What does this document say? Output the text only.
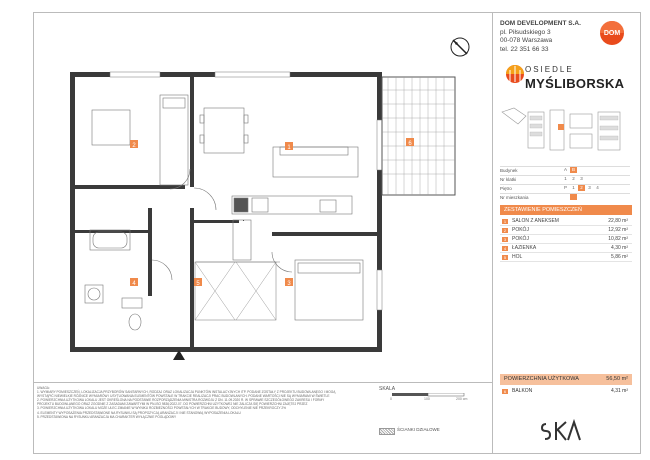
1
2
3
4	5
6
DOM DEVELOPMENT S.A.
pl. Piłsudskiego 3
00-078 Warszawa
tel. 22 351 66 33
DOM
OSIEDLE
MYŚLIBORSKA
Budynek	A	B
Nr klatki	1	2	3
Piętro	P	1	2	3	4
Nr mieszkania
ZESTAWIENIE POMIESZCZEŃ
1	SALON Z ANEKSEM	22,80 m²
2	POKÓJ	12,92 m²
3	POKÓJ	10,82 m²
4	ŁAZIENKA	4,30 m²
5	HOL	5,86 m²
POWIERZCHNIA UŻYTKOWA	56,50 m²
6	BALKON	4,31 m²
UWAGA:
1. WYMIARY POMIESZCZEŃ, LOKALIZACJA PRZYBORÓW SANITARNYCH, RODZAJ ORAZ LOKALIZACJA PUNKTÓW INSTALACYJNYCH ITP. PODANE ZOSTAŁY Z PROJEKTU BUDOWLANEGO I MOGĄ
WYSTĄPIĆ NIEWIELKIE RÓŻNICE WYMIARÓW I USYTUOWANIA ELEMENTÓW POWSTAŁE W TRAKCIE REALIZACJI PRAC BUDOWLANYCH. PODANE WARTOŚCI NIE SĄ WYMIARAMI W ŚWIETLE
2. POWIERZCHNIA UŻYTKOWA LOKALU JEST OKREŚLONA NA PODSTAWIE ROZPORZĄDZENIA MINISTRA ROZWOJU Z DN. 11.09.2020 R. W SPRAWIE SZCZEGÓŁOWEGO ZAKRESU I FORMY
PROJEKTU BUDOWLANEGO ORAZ ZGODNIE Z ZASADAMI ZAWARTYMI W PN-ISO 9836:2022-07. DO POWIERZCHNI UŻYTKOWEJ NIE ZALICZA SIĘ POWIERZCHNI ZAJĘTEJ PRZEZ
3. POWIERZCHNIA UŻYTKOWA LOKALU MOŻE ULEC ZMIANIE W WYNIKU ROZBIEŻNOŚCI POWSTAŁYCH W TRAKCIE BUDOWY, ODCHYLENIE NIE PRZEKROCZY 2%
4. ELEMENTY WYPOSAŻENIA PRZEDSTAWIONE NA RYSUNKU SĄ PROPOZYCJĄ ARANŻACJI I NIE STANOWIĄ WYPOSAŻENIA LOKALU
5. PRZEDSTAWIONA NA RYSUNKU ARANŻACJA MA CHARAKTER WYŁĄCZNIE POGLĄDOWY
SKALA
0	100	200 cm
ŚCIANKI DZIAŁOWE
